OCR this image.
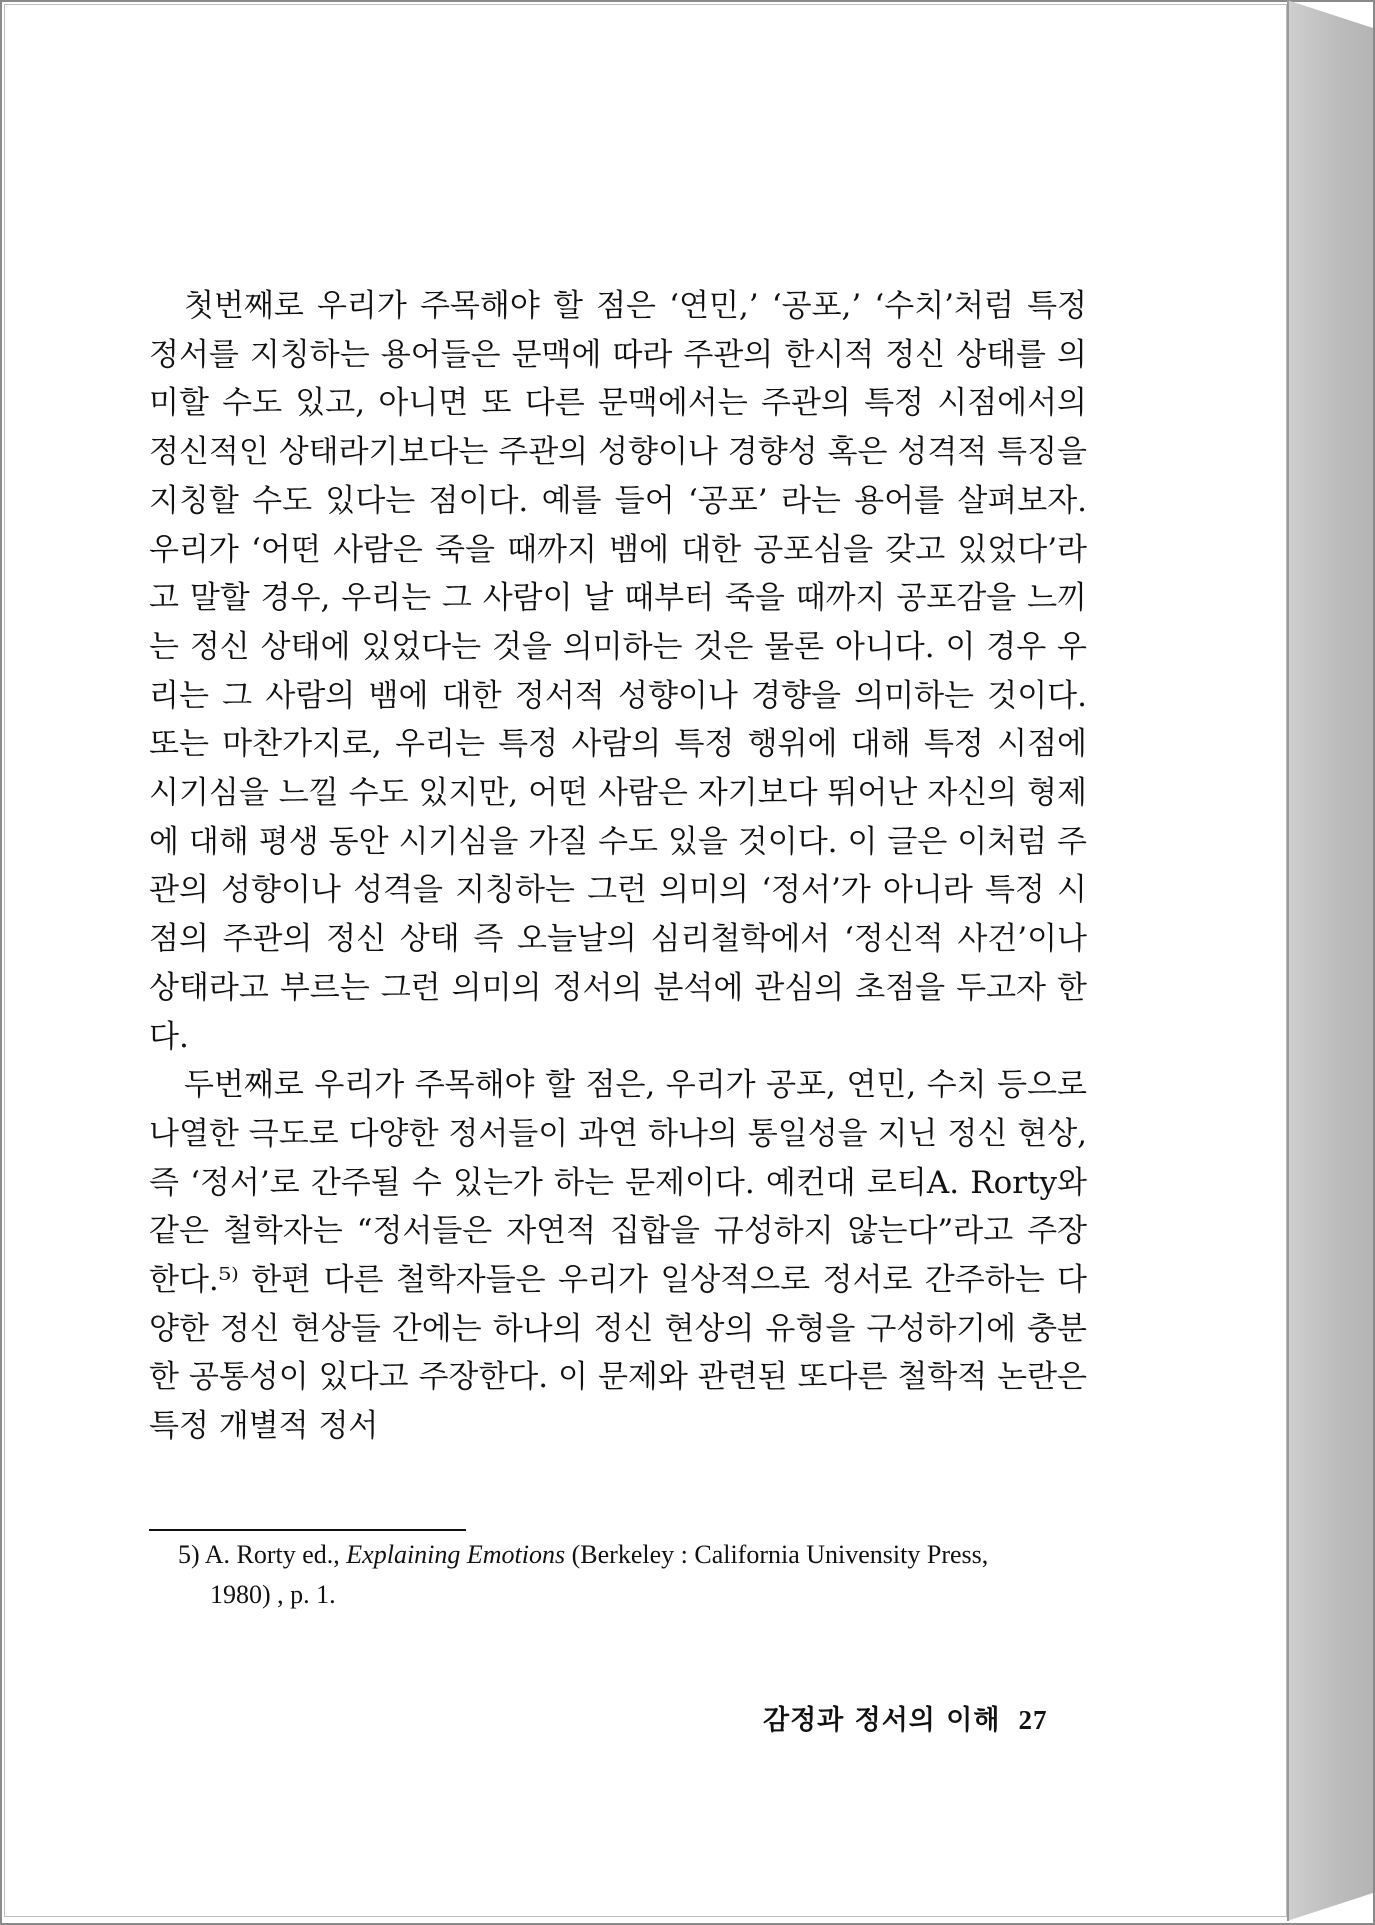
첫번째로 우리가 주목해야 할 점은 ‘연민,’ ‘공포,’ ‘수치’처럼 특정 정서를 지칭하는 용어들은 문맥에 따라 주관의 한시적 정신 상태를 의미할 수도 있고, 아니면 또 다른 문맥에서는 주관의 특정 시점에서의 정신적인 상태라기보다는 주관의 성향이나 경향성 혹은 성격적 특징을 지칭할 수도 있다는 점이다. 예를 들어 ‘공포’ 라는 용어를 살펴보자. 우리가 ‘어떤 사람은 죽을 때까지 뱀에 대한 공포심을 갖고 있었다’라고 말할 경우, 우리는 그 사람이 날 때부터 죽을 때까지 공포감을 느끼는 정신 상태에 있었다는 것을 의미하는 것은 물론 아니다. 이 경우 우리는 그 사람의 뱀에 대한 정서적 성향이나 경향을 의미하는 것이다. 또는 마찬가지로, 우리는 특정 사람의 특정 행위에 대해 특정 시점에 시기심을 느낄 수도 있지만, 어떤 사람은 자기보다 뛰어난 자신의 형제에 대해 평생 동안 시기심을 가질 수도 있을 것이다. 이 글은 이처럼 주관의 성향이나 성격을 지칭하는 그런 의미의 ‘정서’가 아니라 특정 시점의 주관의 정신 상태 즉 오늘날의 심리철학에서 ‘정신적 사건’이나 상태라고 부르는 그런 의미의 정서의 분석에 관심의 초점을 두고자 한다.

두번째로 우리가 주목해야 할 점은, 우리가 공포, 연민, 수치 등으로 나열한 극도로 다양한 정서들이 과연 하나의 통일성을 지닌 정신 현상, 즉 ‘정서’로 간주될 수 있는가 하는 문제이다. 예컨대 로티A. Rorty와 같은 철학자는 “정서들은 자연적 집합을 규성하지 않는다”라고 주장한다.⁵⁾ 한편 다른 철학자들은 우리가 일상적으로 정서로 간주하는 다양한 정신 현상들 간에는 하나의 정신 현상의 유형을 구성하기에 충분한 공통성이 있다고 주장한다. 이 문제와 관련된 또다른 철학적 논란은 특정 개별적 정서

5) A. Rorty ed., Explaining Emotions (Berkeley : California Univensity Press,
1980) , p. 1.
감정과 정서의 이해 27
